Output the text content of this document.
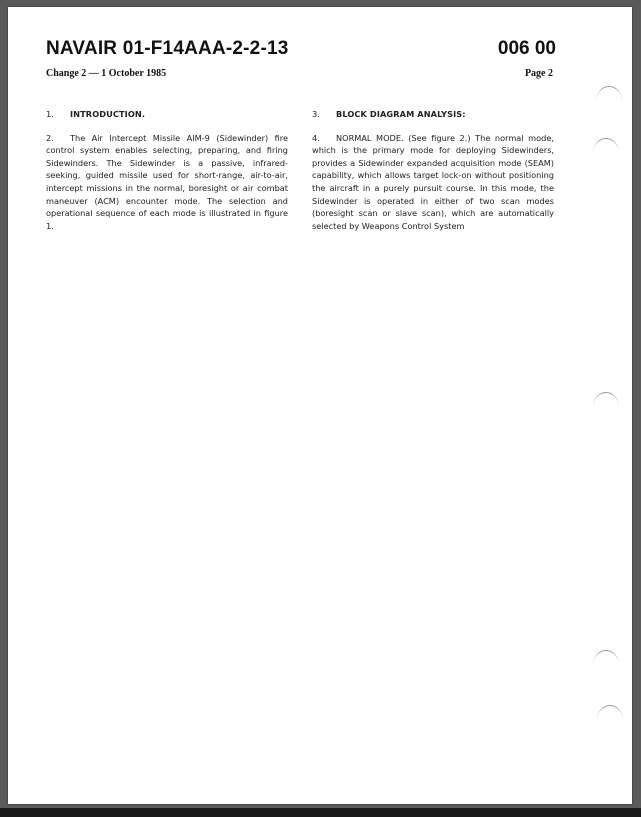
NAVAIR 01-F14AAA-2-2-13	006 00
Change 2 — 1 October 1985	Page 2

1. INTRODUCTION.

2. The Air Intercept Missile AIM-9 (Sidewinder) fire control system enables selecting, preparing, and firing Sidewinders. The Sidewinder is a passive, infrared-seeking, guided missile used for short-range, air-to-air, intercept missions in the normal, boresight or air combat maneuver (ACM) encounter mode. The selection and operational sequence of each mode is illustrated in figure 1.

3. BLOCK DIAGRAM ANALYSIS:

4. NORMAL MODE. (See figure 2.) The normal mode, which is the primary mode for deploying Sidewinders, provides a Sidewinder expanded acquisition mode (SEAM) capability, which allows target lock-on without positioning the aircraft in a purely pursuit course. In this mode, the Sidewinder is operated in either of two scan modes (boresight scan or slave scan), which are automatically selected by Weapons Control System
